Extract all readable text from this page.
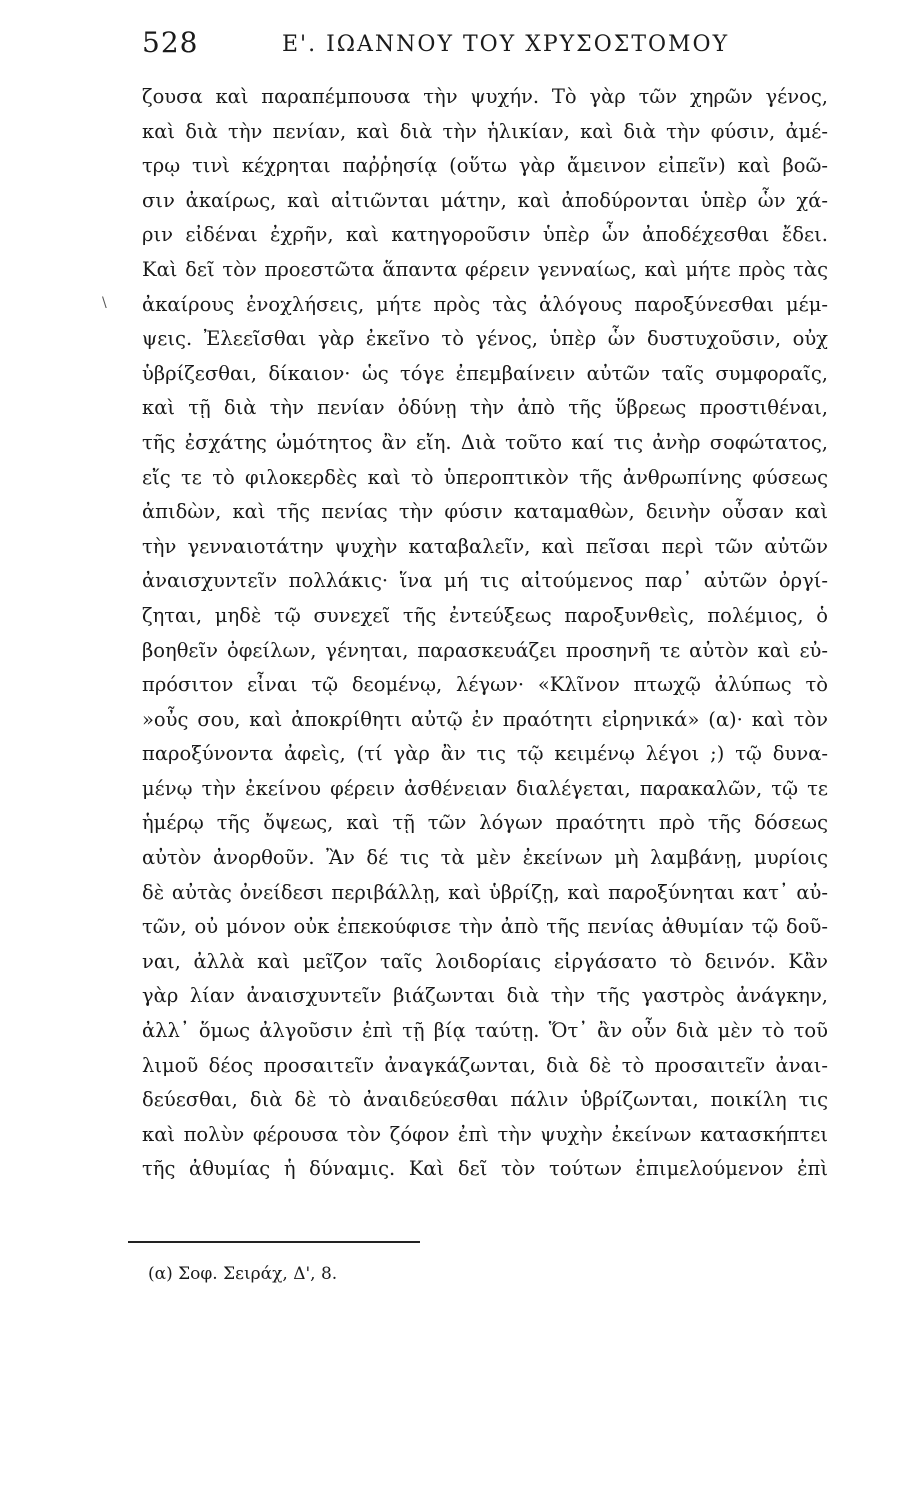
528	Ε'. ΙΩΑΝΝΟΥ ΤΟΥ ΧΡΥΣΟΣΤΟΜΟΥ
\
ζουσα καὶ παραπέμπουσα τὴν ψυχήν. Τὸ γὰρ τῶν χηρῶν γένος,
καὶ διὰ τὴν πενίαν, καὶ διὰ τὴν ἡλικίαν, καὶ διὰ τὴν φύσιν, ἀμέ-
τρῳ τινὶ κέχρηται παῤῥησίᾳ (οὕτω γὰρ ἄμεινον εἰπεῖν) καὶ βοῶ-
σιν ἀκαίρως, καὶ αἰτιῶνται μάτην, καὶ ἀποδύρονται ὑπὲρ ὧν χά-
ριν εἰδέναι ἐχρῆν, καὶ κατηγοροῦσιν ὑπὲρ ὧν ἀποδέχεσθαι ἔδει.
Καὶ δεῖ τὸν προεστῶτα ἅπαντα φέρειν γενναίως, καὶ μήτε πρὸς τὰς
ἀκαίρους ἐνοχλήσεις, μήτε πρὸς τὰς ἀλόγους παροξύνεσθαι μέμ-
ψεις. Ἐλεεῖσθαι γὰρ ἐκεῖνο τὸ γένος, ὑπὲρ ὧν δυστυχοῦσιν, οὐχ
ὑβρίζεσθαι, δίκαιον· ὡς τόγε ἐπεμβαίνειν αὐτῶν ταῖς συμφοραῖς,
καὶ τῇ διὰ τὴν πενίαν ὀδύνῃ τὴν ἀπὸ τῆς ὕβρεως προστιθέναι,
τῆς ἐσχάτης ὠμότητος ἂν εἴη. Διὰ τοῦτο καί τις ἀνὴρ σοφώτατος,
εἴς τε τὸ φιλοκερδὲς καὶ τὸ ὑπεροπτικὸν τῆς ἀνθρωπίνης φύσεως
ἀπιδὼν, καὶ τῆς πενίας τὴν φύσιν καταμαθὼν, δεινὴν οὖσαν καὶ
τὴν γενναιοτάτην ψυχὴν καταβαλεῖν, καὶ πεῖσαι περὶ τῶν αὐτῶν
ἀναισχυντεῖν πολλάκις· ἵνα μή τις αἰτούμενος παρ᾽ αὐτῶν ὀργί-
ζηται, μηδὲ τῷ συνεχεῖ τῆς ἐντεύξεως παροξυνθεὶς, πολέμιος, ὁ
βοηθεῖν ὀφείλων, γένηται, παρασκευάζει προσηνῆ τε αὐτὸν καὶ εὐ-
πρόσιτον εἶναι τῷ δεομένῳ, λέγων· «Κλῖνον πτωχῷ ἀλύπως τὸ
»οὖς σου, καὶ ἀποκρίθητι αὐτῷ ἐν πραότητι εἰρηνικά» (α)· καὶ τὸν
παροξύνοντα ἀφεὶς, (τί γὰρ ἂν τις τῷ κειμένῳ λέγοι ;) τῷ δυνα-
μένῳ τὴν ἐκείνου φέρειν ἀσθένειαν διαλέγεται, παρακαλῶν, τῷ τε
ἡμέρῳ τῆς ὄψεως, καὶ τῇ τῶν λόγων πραότητι πρὸ τῆς δόσεως
αὐτὸν ἀνορθοῦν. Ἂν δέ τις τὰ μὲν ἐκείνων μὴ λαμβάνῃ, μυρίοις
δὲ αὐτὰς ὀνείδεσι περιβάλλῃ, καὶ ὑβρίζῃ, καὶ παροξύνηται κατ᾽ αὐ-
τῶν, οὐ μόνον οὐκ ἐπεκούφισε τὴν ἀπὸ τῆς πενίας ἀθυμίαν τῷ δοῦ-
ναι, ἀλλὰ καὶ μεῖζον ταῖς λοιδορίαις εἰργάσατο τὸ δεινόν. Κἂν
γὰρ λίαν ἀναισχυντεῖν βιάζωνται διὰ τὴν τῆς γαστρὸς ἀνάγκην,
ἀλλ᾽ ὅμως ἀλγοῦσιν ἐπὶ τῇ βίᾳ ταύτῃ. Ὅτ᾽ ἂν οὖν διὰ μὲν τὸ τοῦ
λιμοῦ δέος προσαιτεῖν ἀναγκάζωνται, διὰ δὲ τὸ προσαιτεῖν ἀναι-
δεύεσθαι, διὰ δὲ τὸ ἀναιδεύεσθαι πάλιν ὑβρίζωνται, ποικίλη τις
καὶ πολὺν φέρουσα τὸν ζόφον ἐπὶ τὴν ψυχὴν ἐκείνων κατασκήπτει
τῆς ἀθυμίας ἡ δύναμις. Καὶ δεῖ τὸν τούτων ἐπιμελούμενον ἐπὶ
(α) Σοφ. Σειράχ, Δ', 8.
